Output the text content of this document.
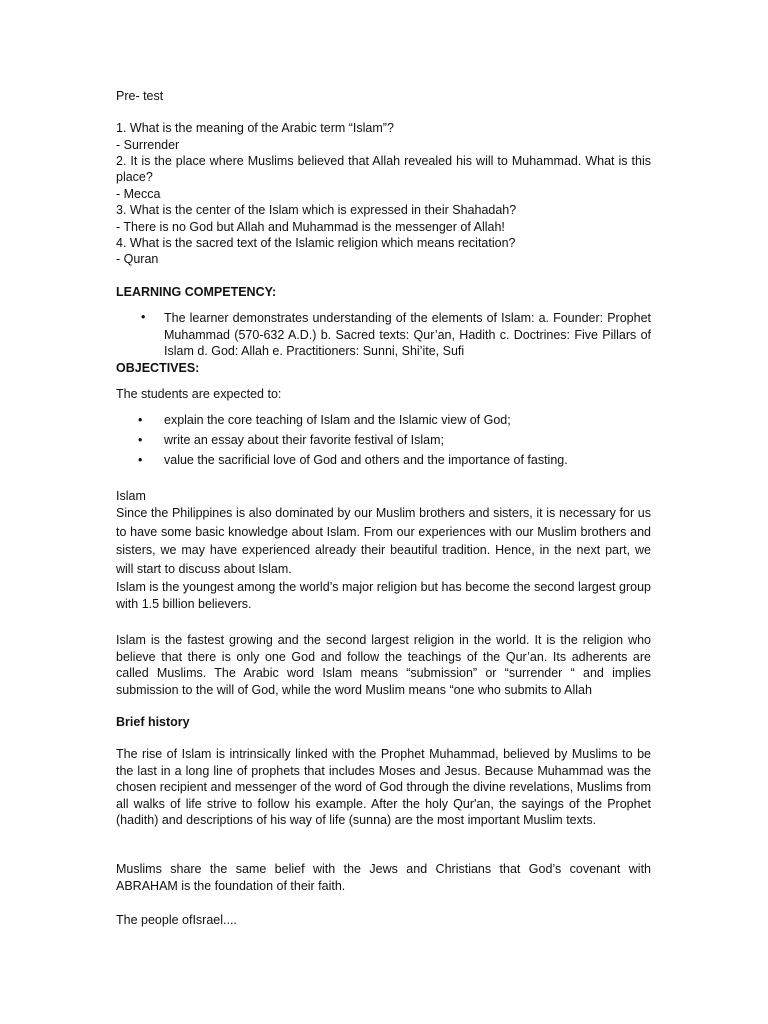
Pre- test
1. What is the meaning of the Arabic term “Islam”?
- Surrender
2. It is the place where Muslims believed that Allah revealed his will to Muhammad. What is this place?
- Mecca
3. What is the center of the Islam which is expressed in their Shahadah?
- There is no God but Allah and Muhammad is the messenger of Allah!
4. What is the sacred text of the Islamic religion which means recitation?
- Quran
LEARNING COMPETENCY:
• The learner demonstrates understanding of the elements of Islam: a. Founder: Prophet Muhammad (570-632 A.D.) b. Sacred texts: Qur’an, Hadith c. Doctrines: Five Pillars of Islam d. God: Allah e. Practitioners: Sunni, Shi’ite, Sufi
OBJECTIVES:
The students are expected to:
• explain the core teaching of Islam and the Islamic view of God;
• write an essay about their favorite festival of Islam;
• value the sacrificial love of God and others and the importance of fasting.
Islam

Since the Philippines is also dominated by our Muslim brothers and sisters, it is necessary for us to have some basic knowledge about Islam. From our experiences with our Muslim brothers and sisters, we may have experienced already their beautiful tradition. Hence, in the next part, we will start to discuss about Islam.

Islam is the youngest among the world’s major religion but has become the second largest group with 1.5 billion believers.

Islam is the fastest growing and the second largest religion in the world. It is the religion who believe that there is only one God and follow the teachings of the Qur’an. Its adherents are called Muslims. The Arabic word Islam means “submission” or “surrender “ and implies submission to the will of God, while the word Muslim means “one who submits to Allah

Brief history

The rise of Islam is intrinsically linked with the Prophet Muhammad, believed by Muslims to be the last in a long line of prophets that includes Moses and Jesus. Because Muhammad was the chosen recipient and messenger of the word of God through the divine revelations, Muslims from all walks of life strive to follow his example. After the holy Qur'an, the sayings of the Prophet (hadith) and descriptions of his way of life (sunna) are the most important Muslim texts.

Muslims share the same belief with the Jews and Christians that God’s covenant with ABRAHAM is the foundation of their faith.

The people ofIsrael....
